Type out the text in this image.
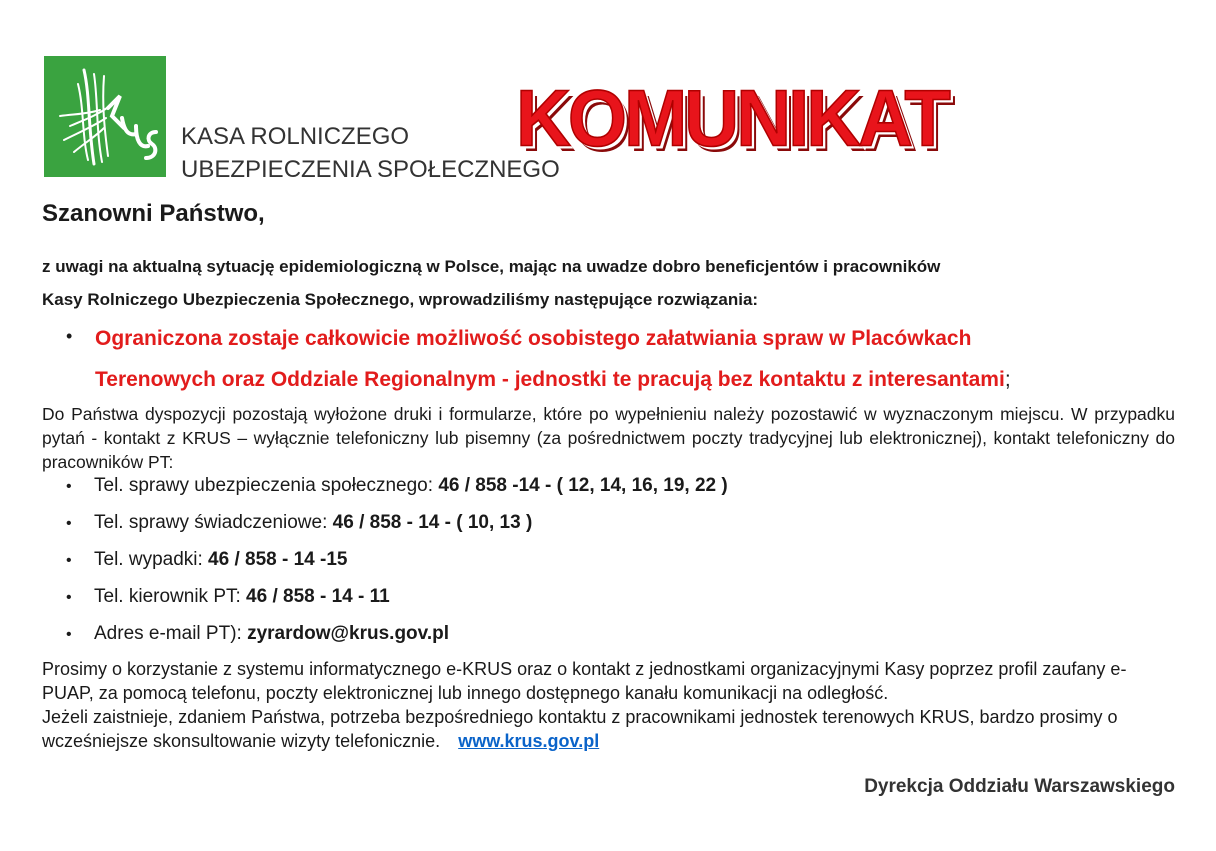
KASA ROLNICZEGO
UBEZPIECZENIA SPOŁECZNEGO
KOMUNIKAT
Szanowni Państwo,
z uwagi na aktualną sytuację epidemiologiczną w Polsce, mając na uwadze dobro beneficjentów i pracowników
Kasy Rolniczego Ubezpieczenia Społecznego, wprowadziliśmy następujące rozwiązania:
• Ograniczona zostaje całkowicie możliwość osobistego załatwiania spraw w Placówkach
Terenowych oraz Oddziale Regionalnym - jednostki te pracują bez kontaktu z interesantami;
Do Państwa dyspozycji pozostają wyłożone druki i formularze, które po wypełnieniu należy pozostawić w wyznaczonym miejscu. W przypadku pytań - kontakt z KRUS – wyłącznie telefoniczny lub pisemny (za pośrednictwem poczty tradycyjnej lub elektronicznej), kontakt telefoniczny do pracowników PT:
• Tel. sprawy ubezpieczenia społecznego: 46 / 858 -14 - ( 12, 14, 16, 19, 22 )
• Tel. sprawy świadczeniowe: 46 / 858 - 14 - ( 10, 13 )
• Tel. wypadki: 46 / 858 - 14 -15
• Tel. kierownik PT: 46 / 858 - 14 - 11
• Adres e-mail PT): zyrardow@krus.gov.pl
Prosimy o korzystanie z systemu informatycznego e-KRUS oraz o kontakt z jednostkami organizacyjnymi Kasy poprzez profil zaufany e-PUAP, za pomocą telefonu, poczty elektronicznej lub innego dostępnego kanału komunikacji na odległość.
Jeżeli zaistnieje, zdaniem Państwa, potrzeba bezpośredniego kontaktu z pracownikami jednostek terenowych KRUS, bardzo prosimy o wcześniejsze skonsultowanie wizyty telefonicznie. www.krus.gov.pl
Dyrekcja Oddziału Warszawskiego
